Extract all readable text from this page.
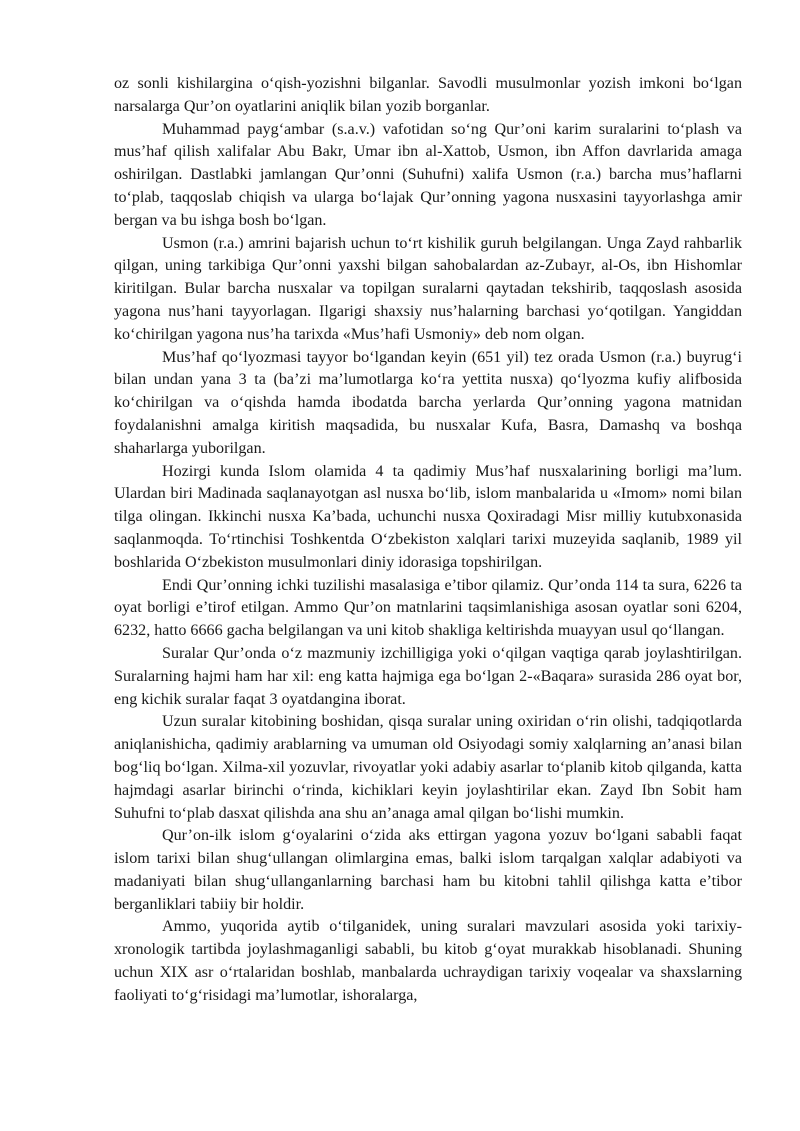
oz sonli kishilargina o‘qish-yozishni bilganlar. Savodli musulmonlar yozish imkoni bo‘lgan narsalarga Qur’on oyatlarini aniqlik bilan yozib borganlar.

Muhammad payg‘ambar (s.a.v.) vafotidan so‘ng Qur’oni karim suralarini to‘plash va mus’haf qilish xalifalar Abu Bakr, Umar ibn al-Xattob, Usmon, ibn Affon davrlarida amaga oshirilgan. Dastlabki jamlangan Qur’onni (Suhufni) xalifa Usmon (r.a.) barcha mus’haflarni to‘plab, taqqoslab chiqish va ularga bo‘lajak Qur’onning yagona nusxasini tayyorlashga amir bergan va bu ishga bosh bo‘lgan.

Usmon (r.a.) amrini bajarish uchun to‘rt kishilik guruh belgilangan. Unga Zayd rahbarlik qilgan, uning tarkibiga Qur’onni yaxshi bilgan sahobalardan az-Zubayr, al-Os, ibn Hishomlar kiritilgan. Bular barcha nusxalar va topilgan suralarni qaytadan tekshirib, taqqoslash asosida yagona nus’hani tayyorlagan. Ilgarigi shaxsiy nus’halarning barchasi yo‘qotilgan. Yangiddan ko‘chirilgan yagona nus’ha tarixda «Mus’hafi Usmoniy» deb nom olgan.

Mus’haf qo‘lyozmasi tayyor bo‘lgandan keyin (651 yil) tez orada Usmon (r.a.) buyrug‘i bilan undan yana 3 ta (ba’zi ma’lumotlarga ko‘ra yettita nusxa) qo‘lyozma kufiy alifbosida ko‘chirilgan va o‘qishda hamda ibodatda barcha yerlarda Qur’onning yagona matnidan foydalanishni amalga kiritish maqsadida, bu nusxalar Kufa, Basra, Damashq va boshqa shaharlarga yuborilgan.

Hozirgi kunda Islom olamida 4 ta qadimiy Mus’haf nusxalarining borligi ma’lum. Ulardan biri Madinada saqlanayotgan asl nusxa bo‘lib, islom manbalarida u «Imom» nomi bilan tilga olingan. Ikkinchi nusxa Ka’bada, uchunchi nusxa Qoxiradagi Misr milliy kutubxonasida saqlanmoqda. To‘rtinchisi Toshkentda O‘zbekiston xalqlari tarixi muzeyida saqlanib, 1989 yil boshlarida O‘zbekiston musulmonlari diniy idorasiga topshirilgan.

Endi Qur’onning ichki tuzilishi masalasiga e’tibor qilamiz. Qur’onda 114 ta sura, 6226 ta oyat borligi e’tirof etilgan. Ammo Qur’on matnlarini taqsimlanishiga asosan oyatlar soni 6204, 6232, hatto 6666 gacha belgilangan va uni kitob shakliga keltirishda muayyan usul qo‘llangan.

Suralar Qur’onda o‘z mazmuniy izchilligiga yoki o‘qilgan vaqtiga qarab joylashtirilgan. Suralarning hajmi ham har xil: eng katta hajmiga ega bo‘lgan 2-«Baqara» surasida 286 oyat bor, eng kichik suralar faqat 3 oyatdangina iborat.

Uzun suralar kitobining boshidan, qisqa suralar uning oxiridan o‘rin olishi, tadqiqotlarda aniqlanishicha, qadimiy arablarning va umuman old Osiyodagi somiy xalqlarning an’anasi bilan bog‘liq bo‘lgan. Xilma-xil yozuvlar, rivoyatlar yoki adabiy asarlar to‘planib kitob qilganda, katta hajmdagi asarlar birinchi o‘rinda, kichiklari keyin joylashtirilar ekan. Zayd Ibn Sobit ham Suhufni to‘plab dasxat qilishda ana shu an’anaga amal qilgan bo‘lishi mumkin.

Qur’on-ilk islom g‘oyalarini o‘zida aks ettirgan yagona yozuv bo‘lgani sababli faqat islom tarixi bilan shug‘ullangan olimlargina emas, balki islom tarqalgan xalqlar adabiyoti va madaniyati bilan shug‘ullanganlarning barchasi ham bu kitobni tahlil qilishga katta e’tibor berganliklari tabiiy bir holdir.

Ammo, yuqorida aytib o‘tilganidek, uning suralari mavzulari asosida yoki tarixiy-xronologik tartibda joylashmaganligi sababli, bu kitob g‘oyat murakkab hisoblanadi. Shuning uchun XIX asr o‘rtalaridan boshlab, manbalarda uchraydigan tarixiy voqealar va shaxslarning faoliyati to‘g‘risidagi ma’lumotlar, ishoralarga,
